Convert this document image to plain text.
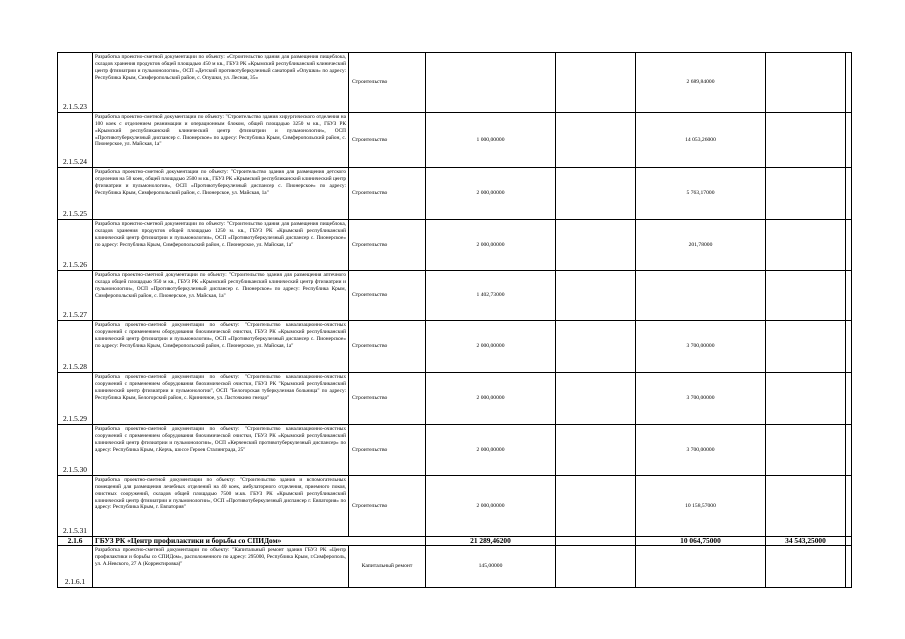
2.1.5.23	Разработка проектно-сметной документации по объекту: «Строительство здания для размещения пищеблока, складов хранения продуктов общей площадью 450 м кв., ГБУЗ РК «Крымский республиканский клинический центр фтизиатрии и пульмонологии», ОСП «Детский противотуберкулезный санаторий «Опушки» по адресу: Республика Крым, Симферопольский район, с. Опушки, ул. Лесная, 35»	Строительство			2 689,84000		
2.1.5.24	Разработка проектно-сметной документации по объекту: "Строительство здания хирургического отделения на 100 коек с отделением реанимации и операционным блоком, общей площадью 3250 м кв., ГБУЗ РК «Крымский республиканский клинический центр фтизиатрии и пульмонологии», ОСП «Противотуберкулезный диспансер с. Пионерское» по адресу: Республика Крым, Симферопольский район, с. Пионерское, ул. Майская, 1а"	Строительство	1 000,00000		14 053,26000		
2.1.5.25	Разработка проектно-сметной документации по объекту: "Строительство здания для размещения детского отделения на 50 коек, общей площадью 2500 м кв., ГБУЗ РК «Крымский республиканский клинический центр фтизиатрии и пульмонологии», ОСП «Противотуберкулезный диспансер с. Пионерское» по адресу: Республика Крым, Симферопольский район, с. Пионерское, ул. Майская, 1а"	Строительство	2 000,00000		5 763,17000		
2.1.5.26	Разработка проектно-сметной документации по объекту: "Строительство здания для размещения пищеблока, складов хранения продуктов общей площадью 1250 м. кв., ГБУЗ РК «Крымский республиканский клинический центр фтизиатрии и пульмонологии», ОСП «Противотуберкулезный диспансер с. Пионерское» по адресу: Республика Крым, Симферопольский район, с. Пионерское, ул. Майская, 1а"	Строительство	2 000,00000		201,78000		
2.1.5.27	Разработка проектно-сметной документации по объекту: "Строительство здания для размещения аптечного склада общей площадью 950 м кв., ГБУЗ РК «Крымский республиканский клинический центр фтизиатрии и пульмонологии», ОСП «Противотуберкулезный диспансер с. Пионерское» по адресу: Республика Крым, Симферопольский район, с. Пионерское, ул. Майская, 1а"	Строительство	1 402,73000				
2.1.5.28	Разработка проектно-сметной документации по объекту: "Строительство канализационно-очистных сооружений с применением оборудования биохимической очистки, ГБУЗ РК «Крымский республиканский клинический центр фтизиатрии и пульмонологии», ОСП «Противотуберкулезный диспансер с. Пионерское» по адресу: Республика Крым, Симферопольский район, с. Пионерское, ул. Майская, 1а"	Строительство	2 000,00000		3 700,00000		
2.1.5.29	Разработка проектно-сметной документации по объекту: "Строительство канализационно-очистных сооружений с применением оборудования биохимической очистки, ГБУЗ РК "Крымский республиканский клинический центр фтизиатрии и пульмонологии", ОСП "Белогорская туберкулезная больница" по адресу: Республика Крым, Белогорский район, с. Криничное, ул. Ласточкино гнездо"	Строительство	2 000,00000		3 700,00000		
2.1.5.30	Разработка проектно-сметной документации по объекту: "Строительство канализационно-очистных сооружений с применением оборудования биохимической очистки, ГБУЗ РК «Крымский республиканский клинический центр фтизиатрии и пульмонологии», ОСП «Керченский противотуберкулезный диспансер» по адресу: Республика Крым, г.Керчь, шоссе Героев Сталинграда, 25"	Строительство	2 000,00000		3 700,00000		
2.1.5.31	Разработка проектно-сметной документации по объекту: "Строительство здания и вспомогательных помещений для размещения лечебных отделений на 40 коек, амбулаторного отделения, приемного покоя, очистных сооружений, складов общей площадью 7500 м.кв. ГБУЗ РК «Крымский республиканский клинический центр фтизиатрии и пульмонологии», ОСП «Противотуберкулезный диспансер г. Евпатория» по адресу: Республика Крым, г. Евпатория"	Строительство	2 000,00000		10 158,57000		
2.1.6	ГБУЗ РК «Центр профилактики и борьбы со СПИДом»		21 289,46200		10 064,75000	34 543,25000	
2.1.6.1	Разработка проектно-сметной документации по объекту: "Капитальный ремонт здания ГБУЗ РК «Центр профилактики и борьбы со СПИДом», расположенного по адресу: 295000, Республика Крым, г.Симферополь, ул. А.Невского, 27 А (Корректировка)"	Капитальный ремонт	145,00000				
